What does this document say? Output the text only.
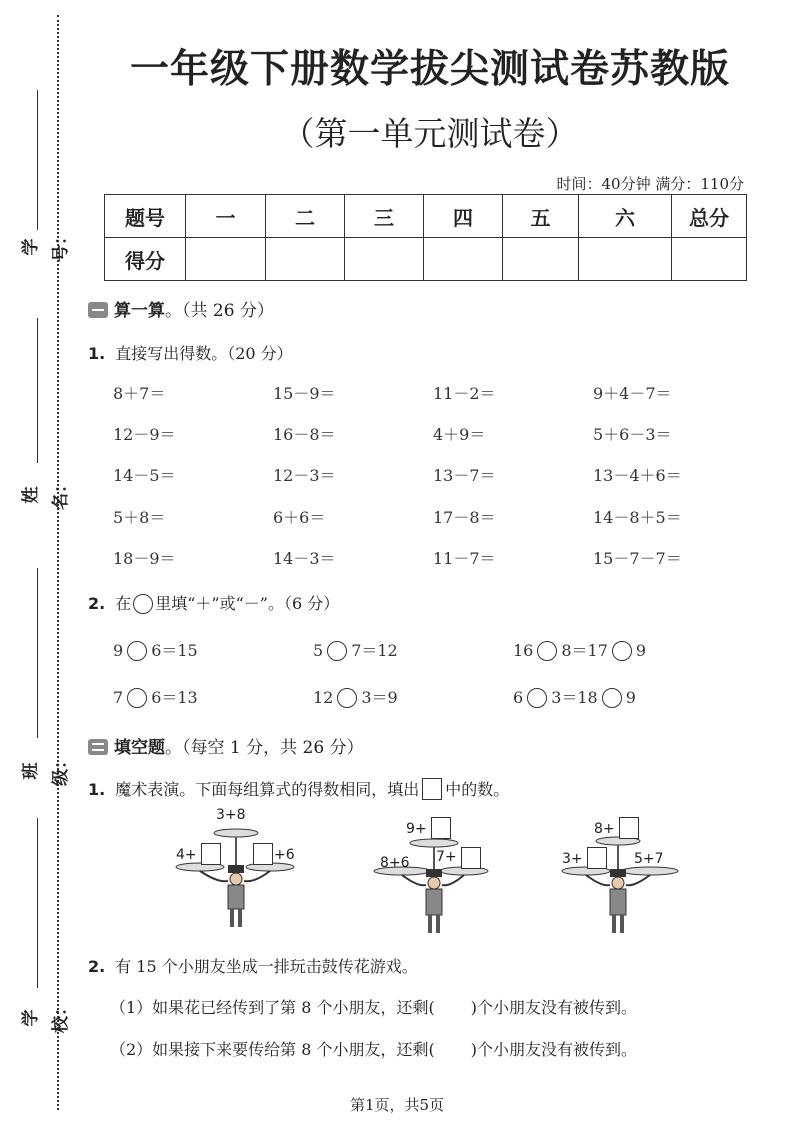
学号：
姓名：
班级：
学校：
一年级下册数学拔尖测试卷苏教版
（第一单元测试卷）
时间：40分钟 满分：110分
题号	一	二	三	四	五	六	总分
得分							
算一算。（共 26 分）
1. 直接写出得数。（20 分）
8＋7＝	15－9＝	11－2＝	9＋4－7＝
12－9＝	16－8＝	4＋9＝	5＋6－3＝
14－5＝	12－3＝	13－7＝	13－4＋6＝
5＋8＝	6＋6＝	17－8＝	14－8＋5＝
18－9＝	14－3＝	11－7＝	15－7－7＝
2. 在 里填“＋”或“－”。（6 分）
9 6＝15	5 7＝12	16 8＝17 9
7 6＝13	12 3＝9	6 3＝18 9
填空题。（每空 1 分，共 26 分）
1. 魔术表演。下面每组算式的得数相同，填出 中的数。
3+8
4+	+6
9+
8+6 7+
8+
3+	5+7
2. 有 15 个小朋友坐成一排玩击鼓传花游戏。
（1）如果花已经传到了第 8 个小朋友，还剩( )个小朋友没有被传到。
（2）如果接下来要传给第 8 个小朋友，还剩( )个小朋友没有被传到。
第1页，共5页
